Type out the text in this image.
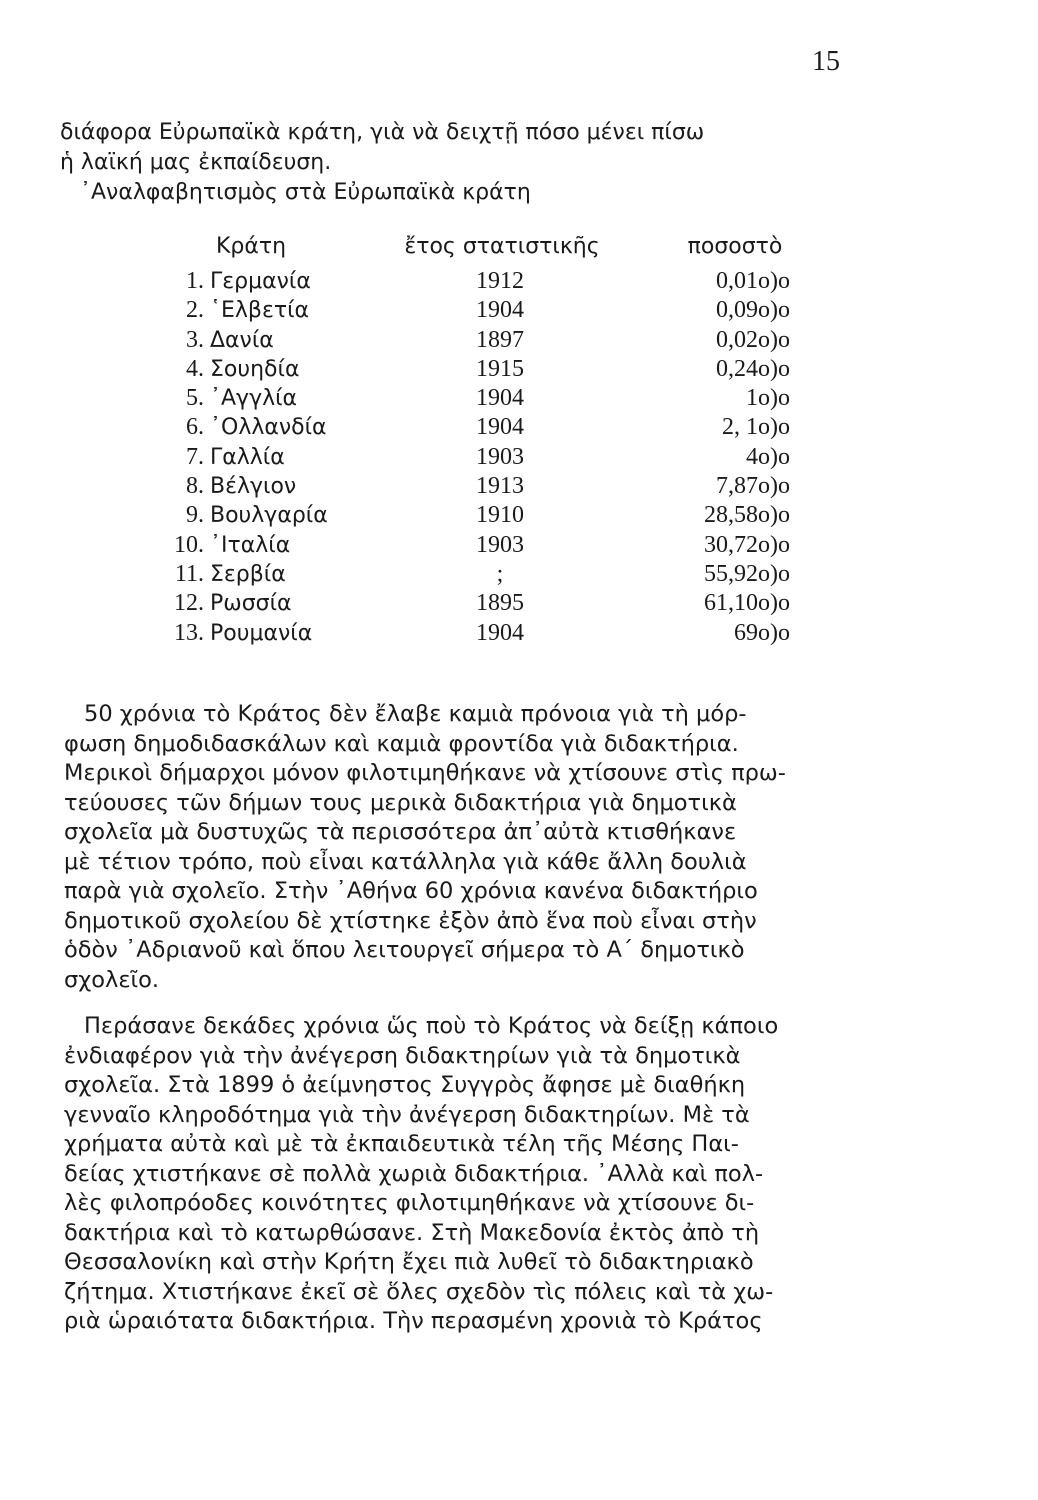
15
διάφορα Εὐρωπαϊκὰ κράτη, γιὰ νὰ δειχτῇ πόσο μένει πίσω
ἡ λαϊκή μας ἐκπαίδευση.
᾿Αναλφαβητισμὸς στὰ Εὐρωπαϊκὰ κράτη
Κράτη	ἔτος στατιστικῆς	ποσοστὸ
1. Γερμανία	1912	0,01ο)ο
2. ῾Ελβετία	1904	0,09ο)ο
3. Δανία	1897	0,02ο)ο
4. Σουηδία	1915	0,24ο)ο
5. ᾿Αγγλία	1904	1ο)ο
6. ᾿Ολλανδία	1904	2, 1ο)ο
7. Γαλλία	1903	4ο)ο
8. Βέλγιον	1913	7,87ο)ο
9. Βουλγαρία	1910	28,58ο)ο
10. ᾿Ιταλία	1903	30,72ο)ο
11. Σερβία	;	55,92ο)ο
12. Ρωσσία	1895	61,10ο)ο
13. Ρουμανία	1904	69ο)ο
50 χρόνια τὸ Κράτος δὲν ἔλαβε καμιὰ πρόνοια γιὰ τὴ μόρ-
φωση δημοδιδασκάλων καὶ καμιὰ φροντίδα γιὰ διδακτήρια.
Μερικοὶ δήμαρχοι μόνον φιλοτιμηθήκανε νὰ χτίσουνε στὶς πρω-
τεύουσες τῶν δήμων τους μερικὰ διδακτήρια γιὰ δημοτικὰ
σχολεῖα μὰ δυστυχῶς τὰ περισσότερα ἀπ᾿αὐτὰ κτισθήκανε
μὲ τέτιον τρόπο, ποὺ εἶναι κατάλληλα γιὰ κάθε ἄλλη δουλιὰ
παρὰ γιὰ σχολεῖο. Στὴν ᾿Αθήνα 60 χρόνια κανένα διδακτήριο
δημοτικοῦ σχολείου δὲ χτίστηκε ἐξὸν ἀπὸ ἕνα ποὺ εἶναι στὴν
ὁδὸν ᾿Αδριανοῦ καὶ ὅπου λειτουργεῖ σήμερα τὸ Α΄ δημοτικὸ
σχολεῖο.
Περάσανε δεκάδες χρόνια ὥς ποὺ τὸ Κράτος νὰ δείξῃ κάποιο
ἐνδιαφέρον γιὰ τὴν ἀνέγερση διδακτηρίων γιὰ τὰ δημοτικὰ
σχολεῖα. Στὰ 1899 ὁ ἀείμνηστος Συγγρὸς ἄφησε μὲ διαθήκη
γενναῖο κληροδότημα γιὰ τὴν ἀνέγερση διδακτηρίων. Μὲ τὰ
χρήματα αὐτὰ καὶ μὲ τὰ ἐκπαιδευτικὰ τέλη τῆς Μέσης Παι-
δείας χτιστήκανε σὲ πολλὰ χωριὰ διδακτήρια. ᾿Αλλὰ καὶ πολ-
λὲς φιλοπρόοδες κοινότητες φιλοτιμηθήκανε νὰ χτίσουνε δι-
δακτήρια καὶ τὸ κατωρθώσανε. Στὴ Μακεδονία ἐκτὸς ἀπὸ τὴ
Θεσσαλονίκη καὶ στὴν Κρήτη ἔχει πιὰ λυθεῖ τὸ διδακτηριακὸ
ζήτημα. Χτιστήκανε ἐκεῖ σὲ ὅλες σχεδὸν τὶς πόλεις καὶ τὰ χω-
ριὰ ὡραιότατα διδακτήρια. Τὴν περασμένη χρονιὰ τὸ Κράτος
